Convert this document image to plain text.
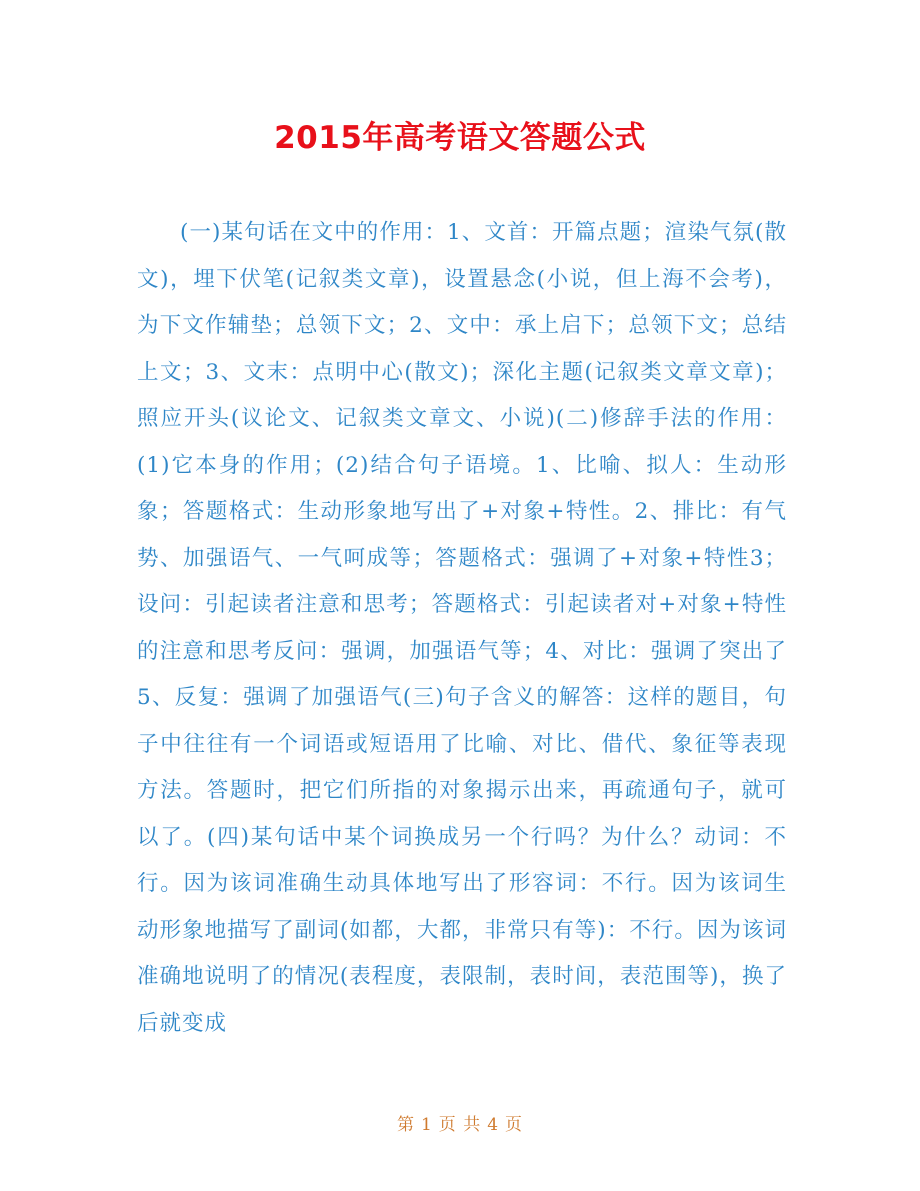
2015年高考语文答题公式

(一)某句话在文中的作用：1、文首：开篇点题；渲染气氛(散文)，埋下伏笔(记叙类文章)，设置悬念(小说，但上海不会考)，为下文作辅垫；总领下文；2、文中：承上启下；总领下文；总结上文；3、文末：点明中心(散文)；深化主题(记叙类文章文章)；照应开头(议论文、记叙类文章文、小说)(二)修辞手法的作用：(1)它本身的作用；(2)结合句子语境。1、比喻、拟人：生动形象；答题格式：生动形象地写出了+对象+特性。2、排比：有气势、加强语气、一气呵成等；答题格式：强调了+对象+特性3；设问：引起读者注意和思考；答题格式：引起读者对+对象+特性的注意和思考反问：强调，加强语气等；4、对比：强调了突出了5、反复：强调了加强语气(三)句子含义的解答：这样的题目，句子中往往有一个词语或短语用了比喻、对比、借代、象征等表现方法。答题时，把它们所指的对象揭示出来，再疏通句子，就可以了。(四)某句话中某个词换成另一个行吗？为什么？动词：不行。因为该词准确生动具体地写出了形容词：不行。因为该词生动形象地描写了副词(如都，大都，非常只有等)：不行。因为该词准确地说明了的情况(表程度，表限制，表时间，表范围等)，换了后就变成

第 1 页 共 4 页
